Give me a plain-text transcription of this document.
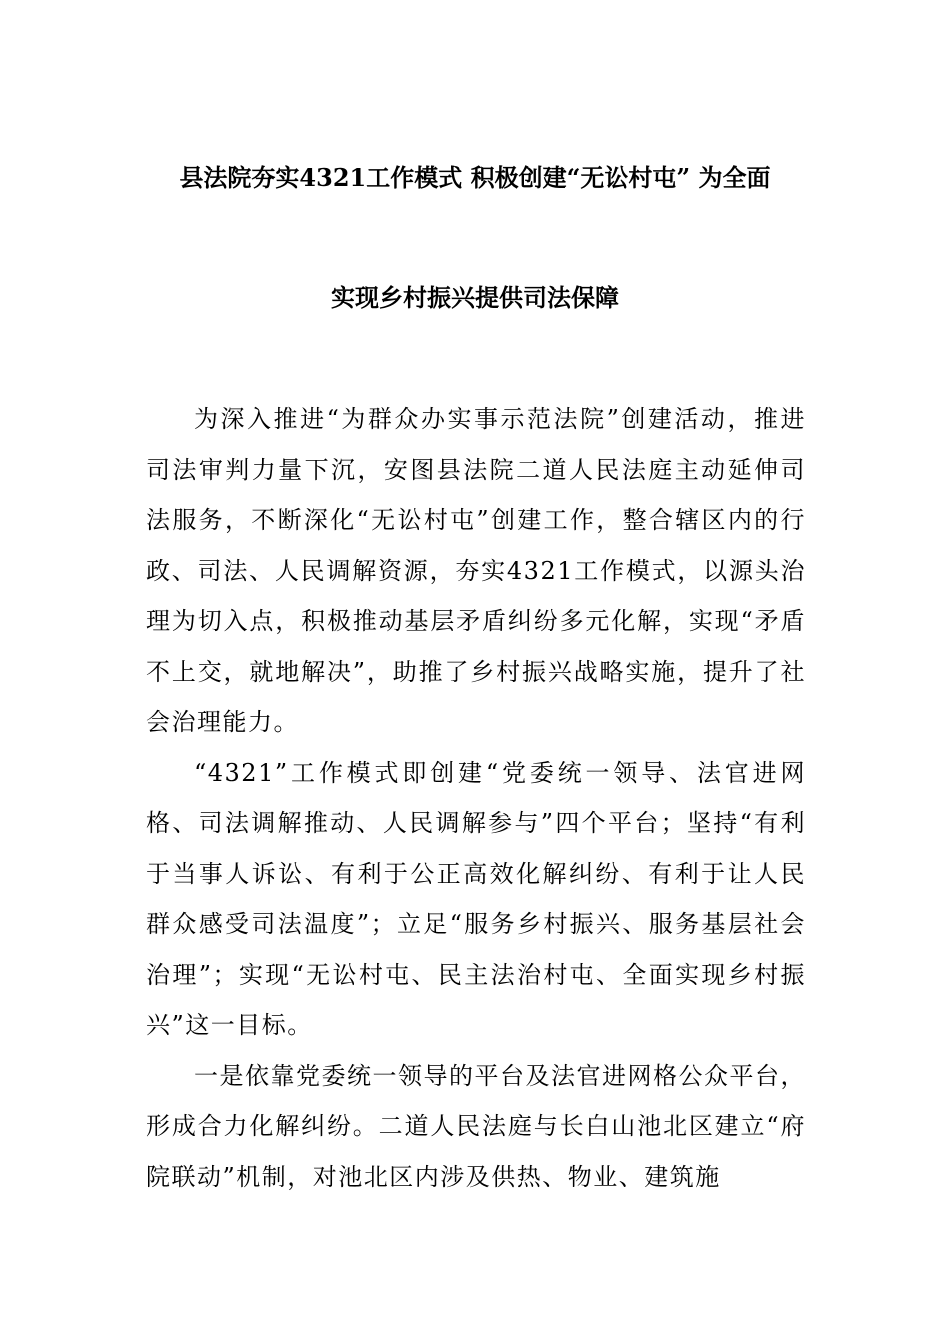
县法院夯实4321工作模式 积极创建“无讼村屯” 为全面
实现乡村振兴提供司法保障

为深入推进“为群众办实事示范法院”创建活动，推进司法审判力量下沉，安图县法院二道人民法庭主动延伸司法服务，不断深化“无讼村屯”创建工作，整合辖区内的行政、司法、人民调解资源，夯实4321工作模式，以源头治理为切入点，积极推动基层矛盾纠纷多元化解，实现“矛盾不上交，就地解决”，助推了乡村振兴战略实施，提升了社会治理能力。

“4321”工作模式即创建“党委统一领导、法官进网格、司法调解推动、人民调解参与”四个平台；坚持“有利于当事人诉讼、有利于公正高效化解纠纷、有利于让人民群众感受司法温度”；立足“服务乡村振兴、服务基层社会治理”；实现“无讼村屯、民主法治村屯、全面实现乡村振兴”这一目标。

一是依靠党委统一领导的平台及法官进网格公众平台，形成合力化解纠纷。二道人民法庭与长白山池北区建立“府院联动”机制，对池北区内涉及供热、物业、建筑施
